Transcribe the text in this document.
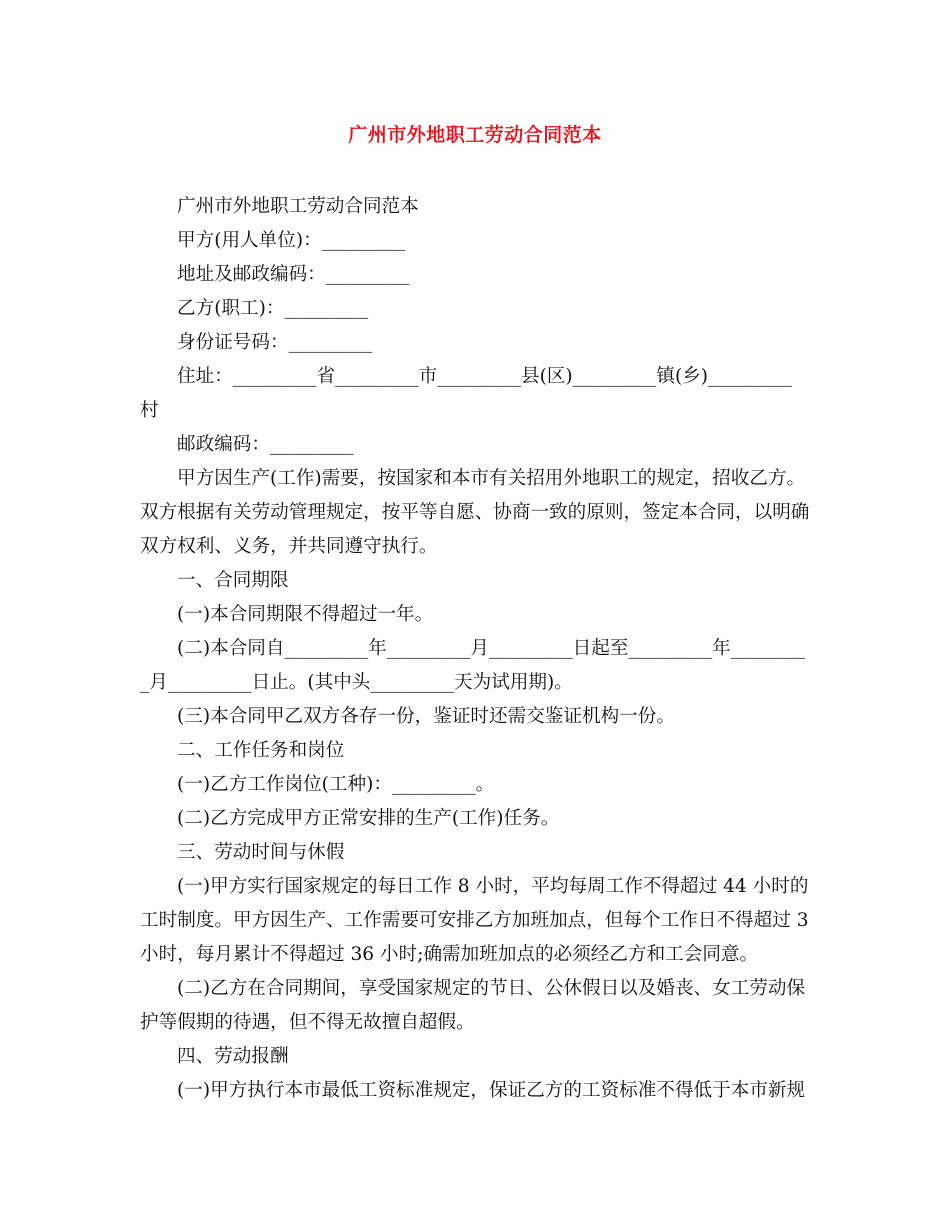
广州市外地职工劳动合同范本
广州市外地职工劳动合同范本
甲方(用人单位)：_________
地址及邮政编码：_________
乙方(职工)：_________
身份证号码：_________
住址：_________省_________市_________县(区)_________镇(乡)_________
村
邮政编码：_________
甲方因生产(工作)需要，按国家和本市有关招用外地职工的规定，招收乙方。
双方根据有关劳动管理规定，按平等自愿、协商一致的原则，签定本合同，以明确
双方权利、义务，并共同遵守执行。
一、合同期限
(一)本合同期限不得超过一年。
(二)本合同自_________年_________月_________日起至_________年________
_月_________日止。(其中头_________天为试用期)。
(三)本合同甲乙双方各存一份，鉴证时还需交鉴证机构一份。
二、工作任务和岗位
(一)乙方工作岗位(工种)：_________。
(二)乙方完成甲方正常安排的生产(工作)任务。
三、劳动时间与休假
(一)甲方实行国家规定的每日工作 8 小时，平均每周工作不得超过 44 小时的
工时制度。甲方因生产、工作需要可安排乙方加班加点，但每个工作日不得超过 3
小时，每月累计不得超过 36 小时;确需加班加点的必须经乙方和工会同意。
(二)乙方在合同期间，享受国家规定的节日、公休假日以及婚丧、女工劳动保
护等假期的待遇，但不得无故擅自超假。
四、劳动报酬
(一)甲方执行本市最低工资标准规定，保证乙方的工资标准不得低于本市新规
